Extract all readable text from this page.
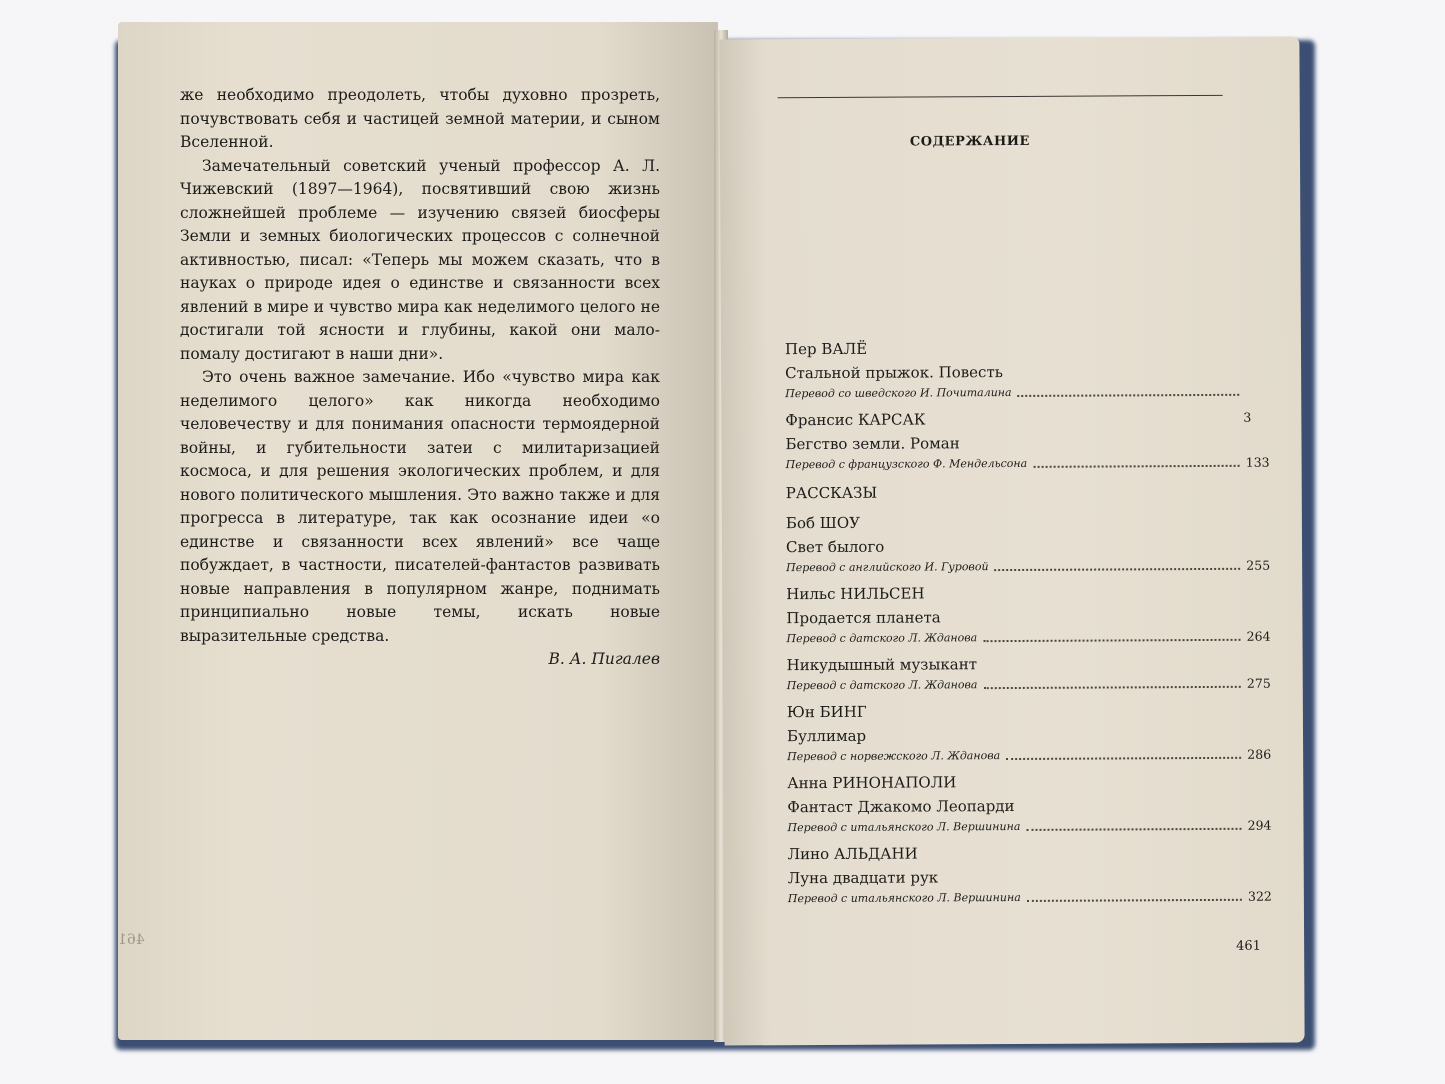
же необходимо преодолеть, чтобы духовно прозреть, почувствовать себя и частицей земной материи, и сыном Вселенной.

Замечательный советский ученый профессор А. Л. Чижевский (1897—1964), посвятивший свою жизнь сложнейшей проблеме — изучению связей биосферы Земли и земных биологических процессов с солнечной активностью, писал: «Теперь мы можем сказать, что в науках о природе идея о единстве и связанности всех явлений в мире и чувство мира как неделимого целого не достигали той ясности и глубины, какой они мало-помалу достигают в наши дни».

Это очень важное замечание. Ибо «чувство мира как неделимого целого» как никогда необходимо человечеству и для понимания опасности термоядерной войны, и губительности затеи с милитаризацией космоса, и для решения экологических проблем, и для нового политического мышления. Это важно также и для прогресса в литературе, так как осознание идеи «о единстве и связанности всех явлений» все чаще побуждает, в частности, писателей-фантастов развивать новые направления в популярном жанре, поднимать принципиально новые темы, искать новые выразительные средства.

В. А. Пигалев
461
СОДЕРЖАНИЕ
Пер ВАЛЁ
Стальной прыжок. Повесть
Перевод со шведского И. Почиталина
Франсис КАРСАК	3
Бегство земли. Роман
Перевод с французского Ф. Мендельсона	133
РАССКАЗЫ
Боб ШОУ
Свет былого
Перевод с английского И. Гуровой	255
Нильс НИЛЬСЕН
Продается планета
Перевод с датского Л. Жданова	264
Никудышный музыкант
Перевод с датского Л. Жданова	275
Юн БИНГ
Буллимар
Перевод с норвежского Л. Жданова	286
Анна РИНОНАПОЛИ
Фантаст Джакомо Леопарди
Перевод с итальянского Л. Вершинина	294
Лино АЛЬДАНИ
Луна двадцати рук
Перевод с итальянского Л. Вершинина	322
461
